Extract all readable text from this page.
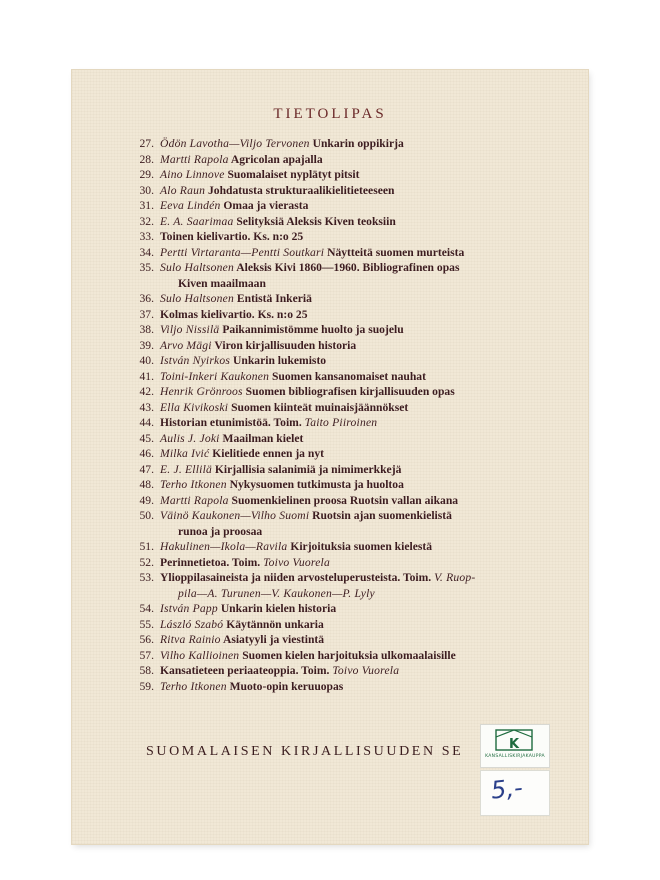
TIETOLIPAS
27. Ödön Lavotha—Viljo Tervonen Unkarin oppikirja
28. Martti Rapola Agricolan apajalla
29. Aino Linnove Suomalaiset nyplätyt pitsit
30. Alo Raun Johdatusta strukturaalikielitieteeseen
31. Eeva Lindén Omaa ja vierasta
32. E. A. Saarimaa Selityksiä Aleksis Kiven teoksiin
33. Toinen kielivartio. Ks. n:o 25
34. Pertti Virtaranta—Pentti Soutkari Näytteitä suomen murteista
35. Sulo Haltsonen Aleksis Kivi 1860—1960. Bibliografinen opas
Kiven maailmaan
36. Sulo Haltsonen Entistä Inkeriä
37. Kolmas kielivartio. Ks. n:o 25
38. Viljo Nissilä Paikannimistömme huolto ja suojelu
39. Arvo Mägi Viron kirjallisuuden historia
40. István Nyirkos Unkarin lukemisto
41. Toini-Inkeri Kaukonen Suomen kansanomaiset nauhat
42. Henrik Grönroos Suomen bibliografisen kirjallisuuden opas
43. Ella Kivikoski Suomen kiinteät muinaisjäännökset
44. Historian etunimistöä. Toim. Taito Piiroinen
45. Aulis J. Joki Maailman kielet
46. Milka Ivić Kielitiede ennen ja nyt
47. E. J. Ellilä Kirjallisia salanimiä ja nimimerkkejä
48. Terho Itkonen Nykysuomen tutkimusta ja huoltoa
49. Martti Rapola Suomenkielinen proosa Ruotsin vallan aikana
50. Väinö Kaukonen—Vilho Suomi Ruotsin ajan suomenkielistä
runoa ja proosaa
51. Hakulinen—Ikola—Ravila Kirjoituksia suomen kielestä
52. Perinnetietoa. Toim. Toivo Vuorela
53. Ylioppilasaineista ja niiden arvosteluperusteista. Toim. V. Ruop-
pila—A. Turunen—V. Kaukonen—P. Lyly
54. István Papp Unkarin kielen historia
55. László Szabó Käytännön unkaria
56. Ritva Rainio Asiatyyli ja viestintä
57. Vilho Kallioinen Suomen kielen harjoituksia ulkomaalaisille
58. Kansatieteen periaateoppia. Toim. Toivo Vuorela
59. Terho Itkonen Muoto-opin keruuopas
SUOMALAISEN KIRJALLISUUDEN SE	K
KANSALLISKIRJAKAUPPA
5,-
